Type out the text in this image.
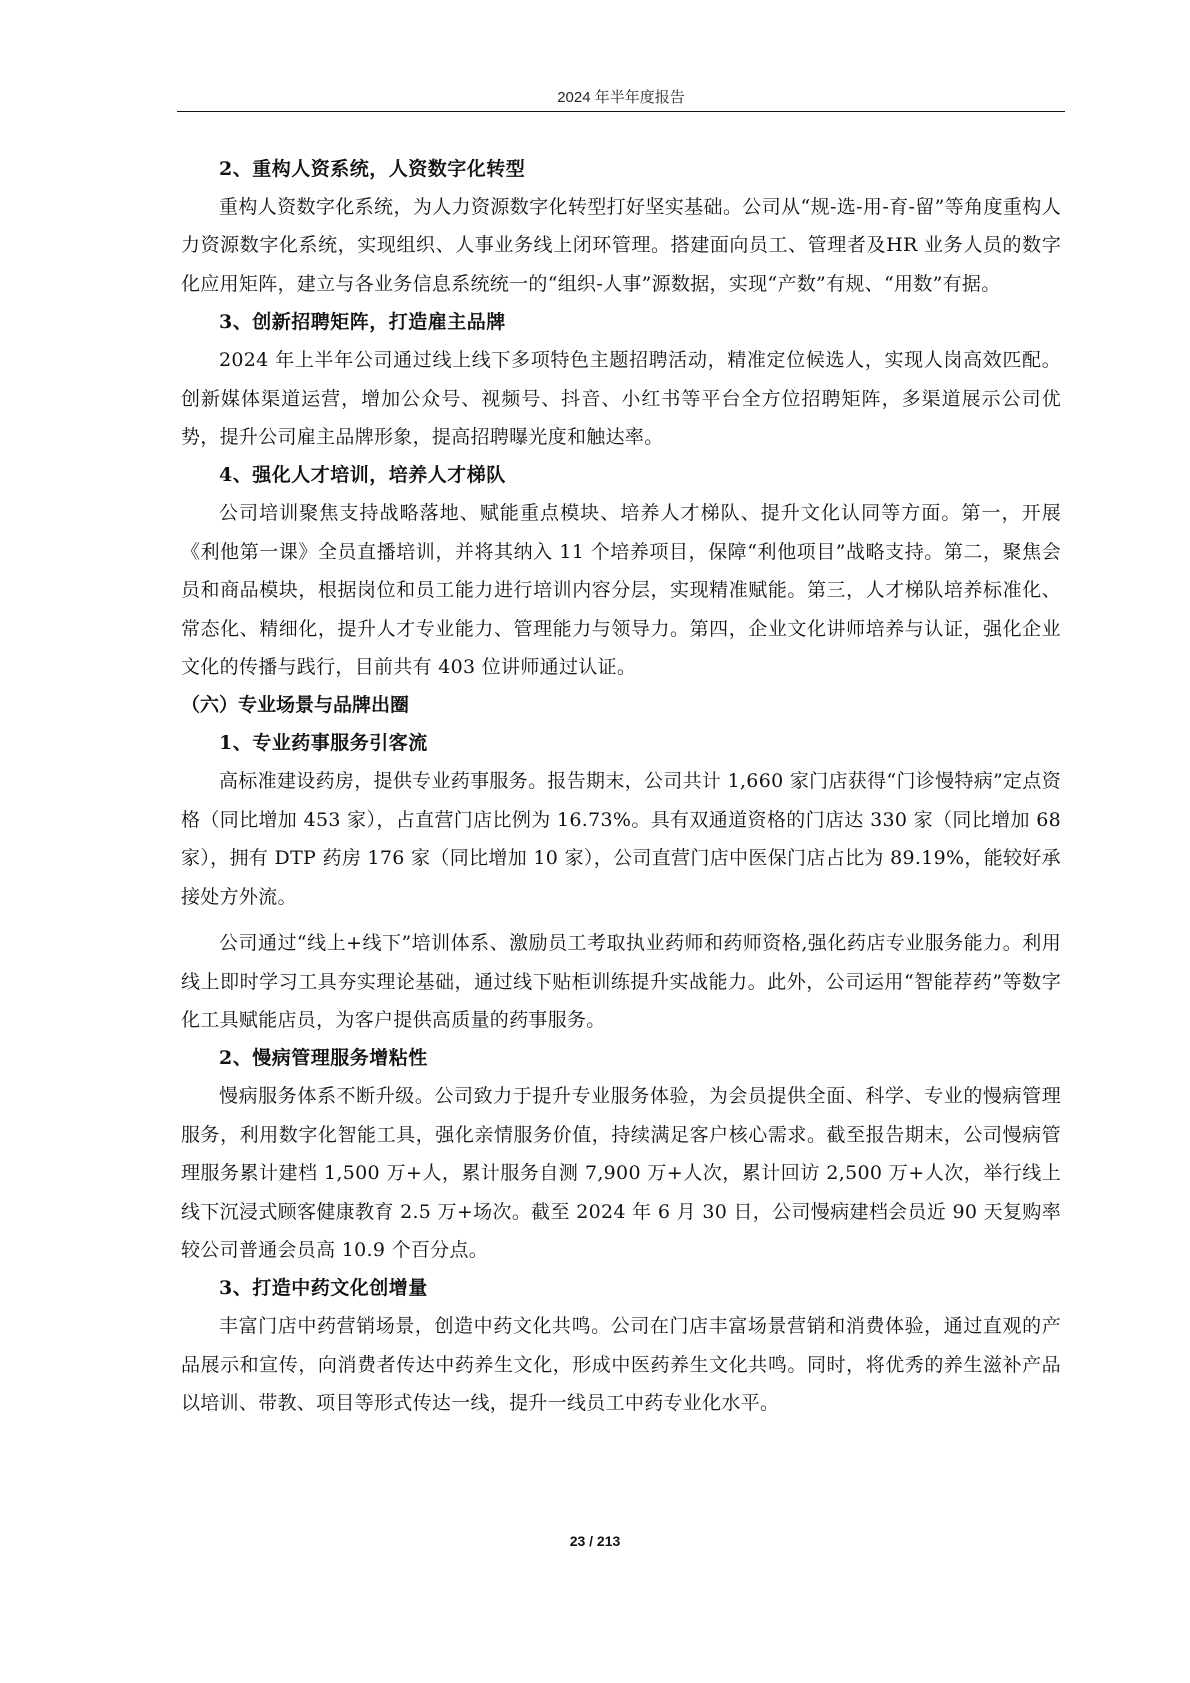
2024 年半年度报告
2、重构人资系统，人资数字化转型

重构人资数字化系统，为人力资源数字化转型打好坚实基础。公司从“规-选-用-育-留”等角度重构人力资源数字化系统，实现组织、人事业务线上闭环管理。搭建面向员工、管理者及HR 业务人员的数字化应用矩阵，建立与各业务信息系统统一的“组织-人事”源数据，实现“产数”有规、“用数”有据。

3、创新招聘矩阵，打造雇主品牌

2024 年上半年公司通过线上线下多项特色主题招聘活动，精准定位候选人，实现人岗高效匹配。创新媒体渠道运营，增加公众号、视频号、抖音、小红书等平台全方位招聘矩阵，多渠道展示公司优势，提升公司雇主品牌形象，提高招聘曝光度和触达率。

4、强化人才培训，培养人才梯队

公司培训聚焦支持战略落地、赋能重点模块、培养人才梯队、提升文化认同等方面。第一，开展《利他第一课》全员直播培训，并将其纳入 11 个培养项目，保障“利他项目”战略支持。第二，聚焦会员和商品模块，根据岗位和员工能力进行培训内容分层，实现精准赋能。第三，人才梯队培养标准化、常态化、精细化，提升人才专业能力、管理能力与领导力。第四，企业文化讲师培养与认证，强化企业文化的传播与践行，目前共有 403 位讲师通过认证。

（六）专业场景与品牌出圈
1、专业药事服务引客流

高标准建设药房，提供专业药事服务。报告期末，公司共计 1,660 家门店获得“门诊慢特病”定点资格（同比增加 453 家），占直营门店比例为 16.73%。具有双通道资格的门店达 330 家（同比增加 68 家），拥有 DTP 药房 176 家（同比增加 10 家），公司直营门店中医保门店占比为 89.19%，能较好承接处方外流。

公司通过“线上+线下”培训体系、激励员工考取执业药师和药师资格,强化药店专业服务能力。利用线上即时学习工具夯实理论基础，通过线下贴柜训练提升实战能力。此外，公司运用“智能荐药”等数字化工具赋能店员，为客户提供高质量的药事服务。

2、慢病管理服务增粘性

慢病服务体系不断升级。公司致力于提升专业服务体验，为会员提供全面、科学、专业的慢病管理服务，利用数字化智能工具，强化亲情服务价值，持续满足客户核心需求。截至报告期末，公司慢病管理服务累计建档 1,500 万+人，累计服务自测 7,900 万+人次，累计回访 2,500 万+人次，举行线上线下沉浸式顾客健康教育 2.5 万+场次。截至 2024 年 6 月 30 日，公司慢病建档会员近 90 天复购率较公司普通会员高 10.9 个百分点。

3、打造中药文化创增量

丰富门店中药营销场景，创造中药文化共鸣。公司在门店丰富场景营销和消费体验，通过直观的产品展示和宣传，向消费者传达中药养生文化，形成中医药养生文化共鸣。同时，将优秀的养生滋补产品以培训、带教、项目等形式传达一线，提升一线员工中药专业化水平。

23 / 213
